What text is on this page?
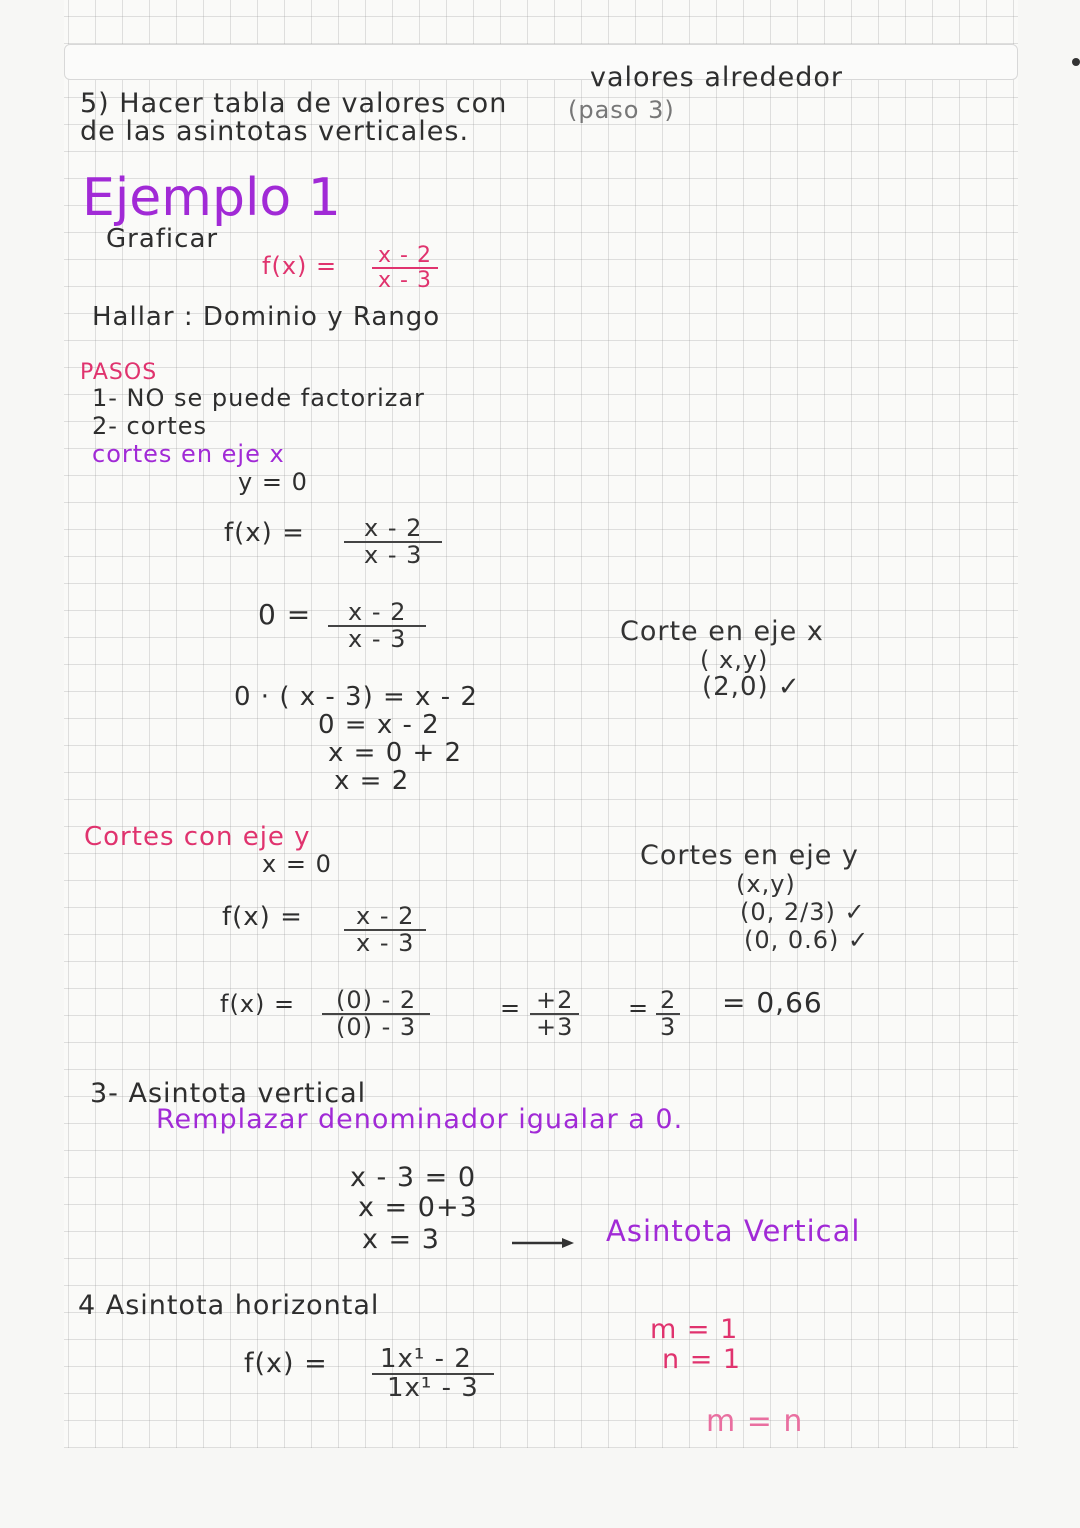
5) Hacer tabla de valores con
valores alrededor
de las asintotas verticales.
(paso 3)
Ejemplo 1
Graficar
$f(x) = \frac{x - 2}{x - 3}$
Hallar : Dominio y Rango
PASOS
1- NO se puede factorizar
2- cortes
cortes en eje x
y = 0
$f(x) = \frac{x - 2}{x - 3}$
$0 = \frac{x - 2}{x - 3}$
0 · ( x - 3) = x - 2
0 = x - 2
x = 0 + 2
x = 2
Corte en eje x
( x,y)
(2,0) ✓
Cortes con eje y
x = 0
$f(x) = \frac{x - 2}{x - 3}$
$f(x) = \frac{(0) - 2}{(0) - 3}$	= $\frac{+2}{+3} = \frac{2}{3} = 0,66$
Cortes en eje y
(x,y)
(0, 2/3) ✓
(0, 0.6) ✓
3- Asintota vertical
Remplazar denominador igualar a 0.
x - 3 = 0
x = 0+3
x = 3	Asintota Vertical
4 Asintota horizontal
$f(x) = \frac{\text{1x¹ - 2}}{\text{1x¹ - 3}}$
m = 1
n = 1
m = n
